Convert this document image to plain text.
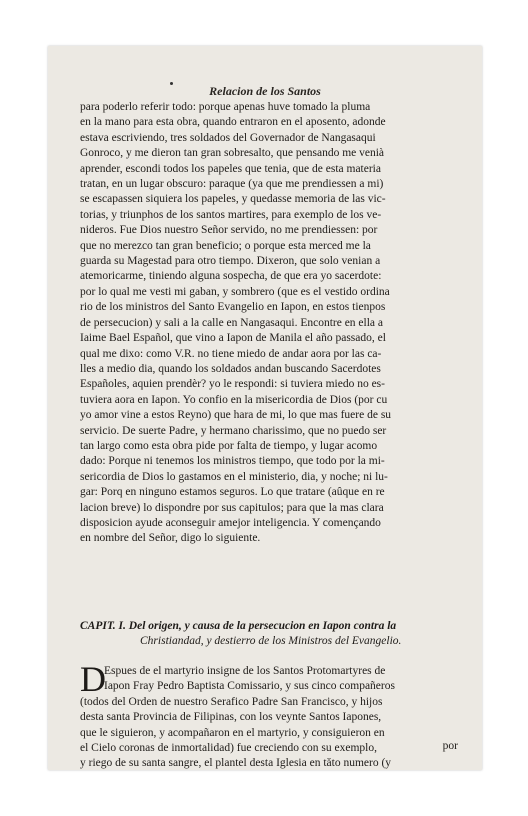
Relacion de los Santos
para poderlo referir todo: porque apenas huve tomado la pluma
en la mano para esta obra, quando entraron en el aposento, adonde
estava escriviendo, tres soldados del Governador de Nangasaqui
Gonroco, y me dieron tan gran sobresalto, que pensando me venià
aprender, escondi todos los papeles que tenia, que de esta materia
tratan, en un lugar obscuro: paraque (ya que me prendiessen a mi)
se escapassen siquiera los papeles, y quedasse memoria de las vic-
torias, y triunphos de los santos martires, para exemplo de los ve-
nideros. Fue Dios nuestro Señor servido, no me prendiessen: por
que no merezco tan gran beneficio; o porque esta merced me la
guarda su Magestad para otro tiempo. Dixeron, que solo venian a
atemoricarme, tiniendo alguna sospecha, de que era yo sacerdote:
por lo qual me vesti mi gaban, y sombrero (que es el vestido ordina
rio de los ministros del Santo Evangelio en Iapon, en estos tienpos
de persecucion) y sali a la calle en Nangasaqui. Encontre en ella a
Iaime Bael Español, que vino a Iapon de Manila el año passado, el
qual me dixo: como V.R. no tiene miedo de andar aora por las ca-
lles a medio dia, quando los soldados andan buscando Sacerdotes
Españoles, aquien prendèr? yo le respondi: si tuviera miedo no es-
tuviera aora en Iapon. Yo confio en la misericordia de Dios (por cu
yo amor vine a estos Reyno) que hara de mi, lo que mas fuere de su
servicio. De suerte Padre, y hermano charissimo, que no puedo ser
tan largo como esta obra pide por falta de tiempo, y lugar acomo
dado: Porque ni tenemos los ministros tiempo, que todo por la mi-
sericordia de Dios lo gastamos en el ministerio, dia, y noche; ni lu-
gar: Porq en ninguno estamos seguros. Lo que tratare (aûque en re
lacion breve) lo dispondre por sus capitulos; para que la mas clara
disposicion ayude aconseguir amejor inteligencia. Y començando
en nombre del Señor, digo lo siguiente.
CAPIT. I. Del origen, y causa de la persecucion en Iapon contra la
Christiandad, y destierro de los Ministros del Evangelio.
D
Espues de el martyrio insigne de los Santos Protomartyres de
Iapon Fray Pedro Baptista Comissario, y sus cinco compañeros
(todos del Orden de nuestro Serafico Padre San Francisco, y hijos
desta santa Provincia de Filipinas, con los veynte Santos Iapones,
que le siguieron, y acompañaron en el martyrio, y consiguieron en
el Cielo coronas de inmortalidad) fue creciendo con su exemplo,
y riego de su santa sangre, el plantel desta Iglesia en tăto numero (y
por
